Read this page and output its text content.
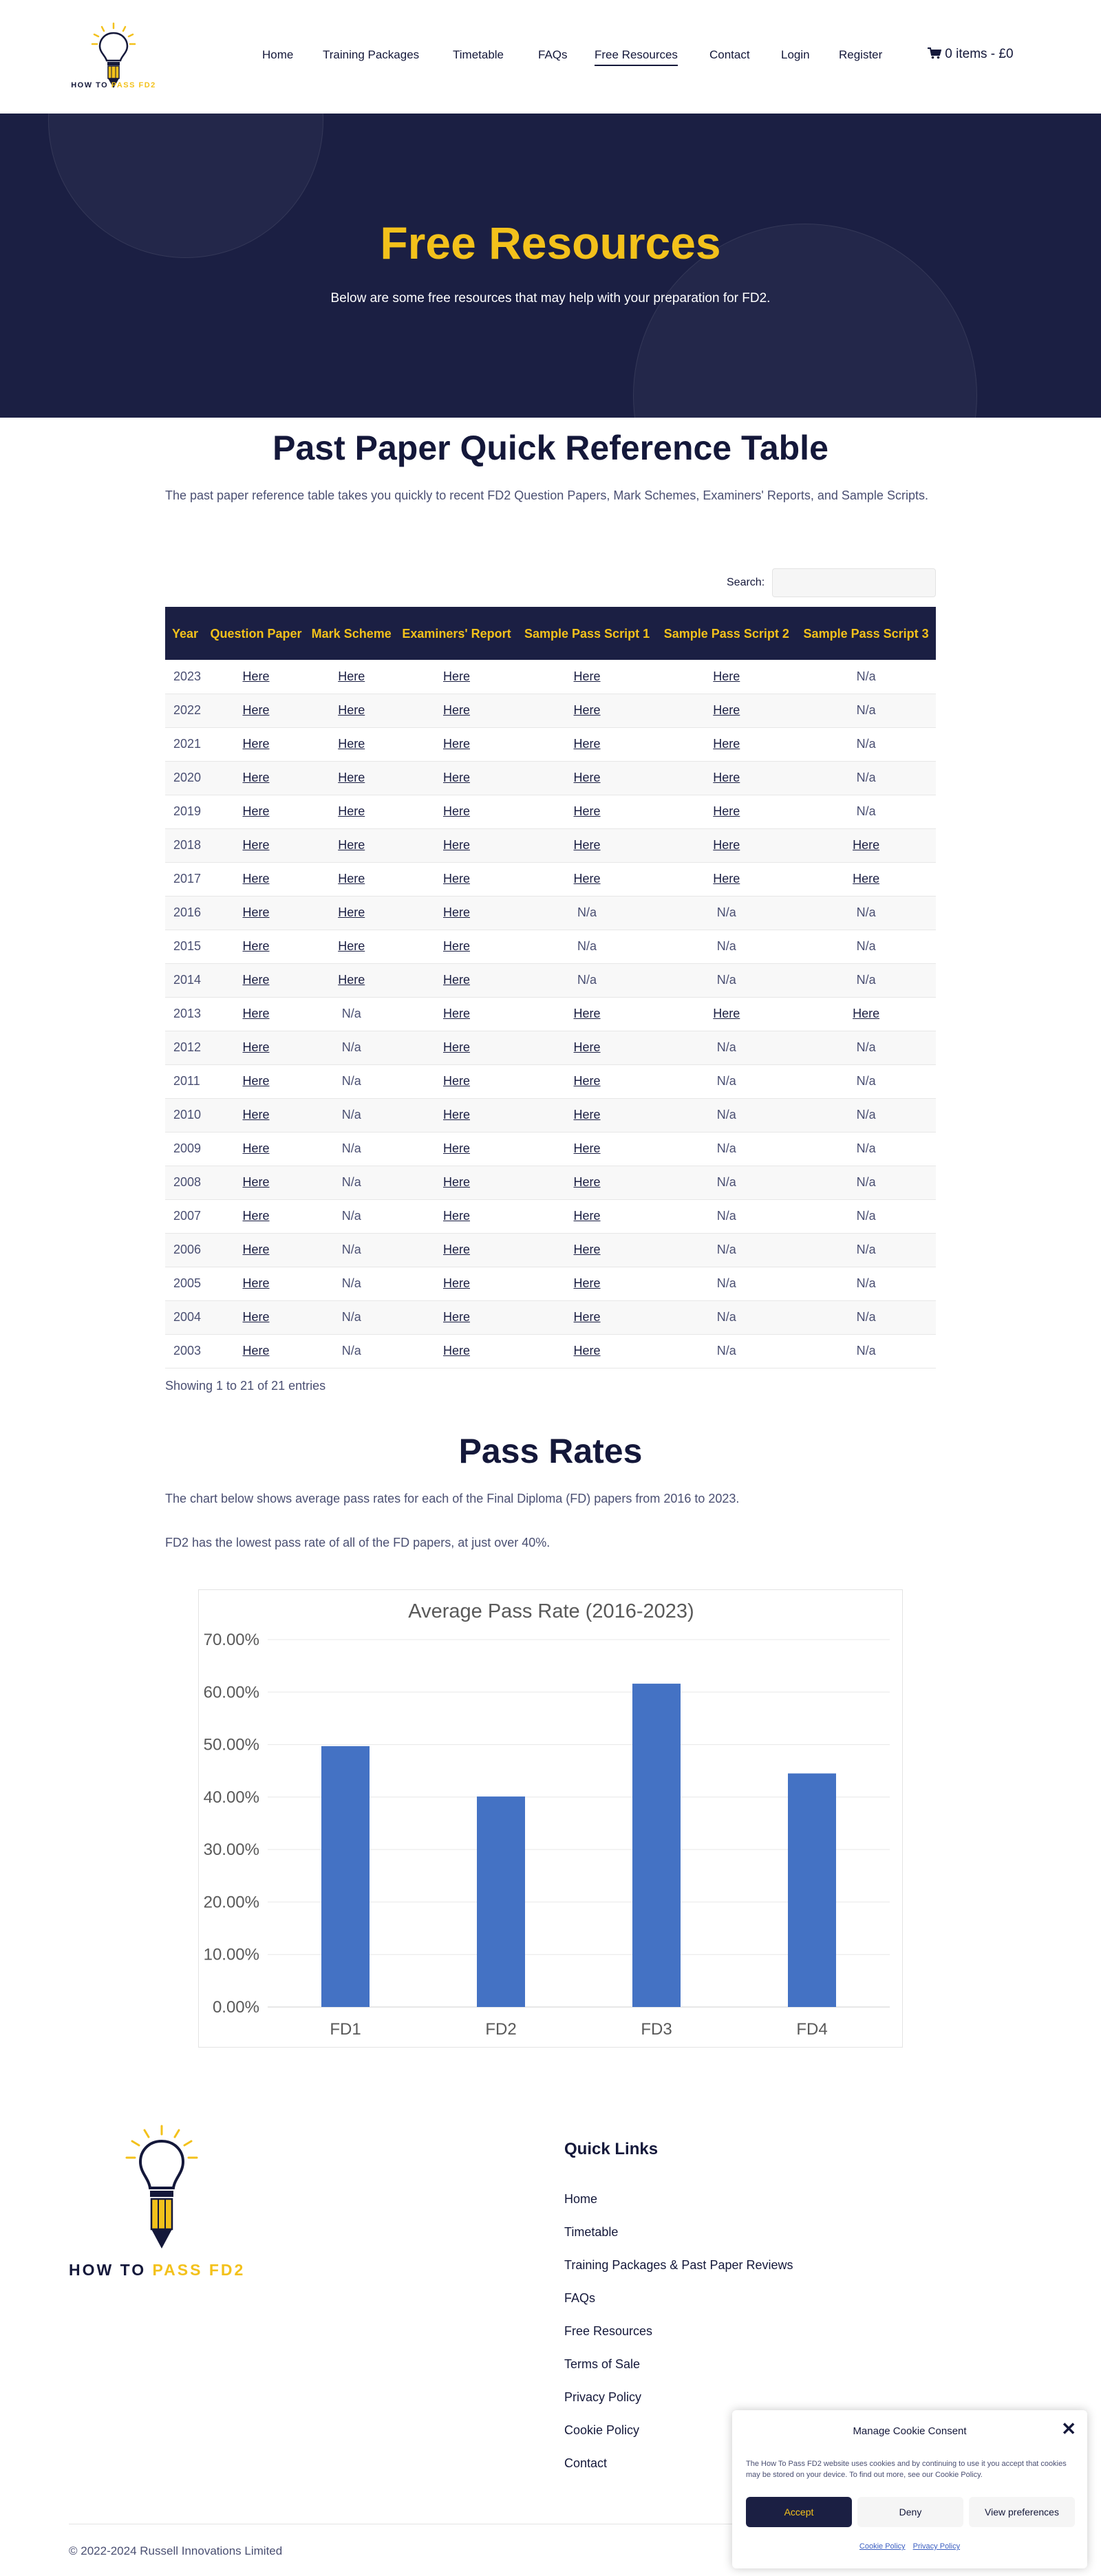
HOW TO PASS FD2
Home	Training Packages	Timetable	FAQs Free Resources	Contact	Login Register	0 items - £0
Free Resources

Below are some free resources that may help with your preparation for FD2.

Past Paper Quick Reference Table

The past paper reference table takes you quickly to recent FD2 Question Papers, Mark Schemes, Examiners' Reports, and Sample Scripts.

Search:
Year	Question Paper	Mark Scheme	Examiners' Report	Sample Pass Script 1	Sample Pass Script 2	Sample Pass Script 3
2023	Here	Here	Here	Here	Here	N/a
2022	Here	Here	Here	Here	Here	N/a
2021	Here	Here	Here	Here	Here	N/a
2020	Here	Here	Here	Here	Here	N/a
2019	Here	Here	Here	Here	Here	N/a
2018	Here	Here	Here	Here	Here	Here
2017	Here	Here	Here	Here	Here	Here
2016	Here	Here	Here	N/a	N/a	N/a
2015	Here	Here	Here	N/a	N/a	N/a
2014	Here	Here	Here	N/a	N/a	N/a
2013	Here	N/a	Here	Here	Here	Here
2012	Here	N/a	Here	Here	N/a	N/a
2011	Here	N/a	Here	Here	N/a	N/a
2010	Here	N/a	Here	Here	N/a	N/a
2009	Here	N/a	Here	Here	N/a	N/a
2008	Here	N/a	Here	Here	N/a	N/a
2007	Here	N/a	Here	Here	N/a	N/a
2006	Here	N/a	Here	Here	N/a	N/a
2005	Here	N/a	Here	Here	N/a	N/a
2004	Here	N/a	Here	Here	N/a	N/a
2003	Here	N/a	Here	Here	N/a	N/a
Showing 1 to 21 of 21 entries
Pass Rates

The chart below shows average pass rates for each of the Final Diploma (FD) papers from 2016 to 2023.

FD2 has the lowest pass rate of all of the FD papers, at just over 40%.

Average Pass Rate (2016-2023)
0.00%
10.00%
20.00%
30.00%
40.00%
50.00%
60.00%
70.00%
FD1	FD2	FD3	FD4
HOW TO PASS FD2
Quick Links
Home
Timetable
Training Packages & Past Paper Reviews
FAQs
Free Resources
Terms of Sale
Privacy Policy
Cookie Policy
Contact
© 2022-2024 Russell Innovations Limited
Manage Cookie Consent	✕
The How To Pass FD2 website uses cookies and by continuing to use it you accept that cookies may be stored on your device. To find out more, see our Cookie Policy.
Accept	Deny	View preferences
Cookie Policy Privacy Policy
